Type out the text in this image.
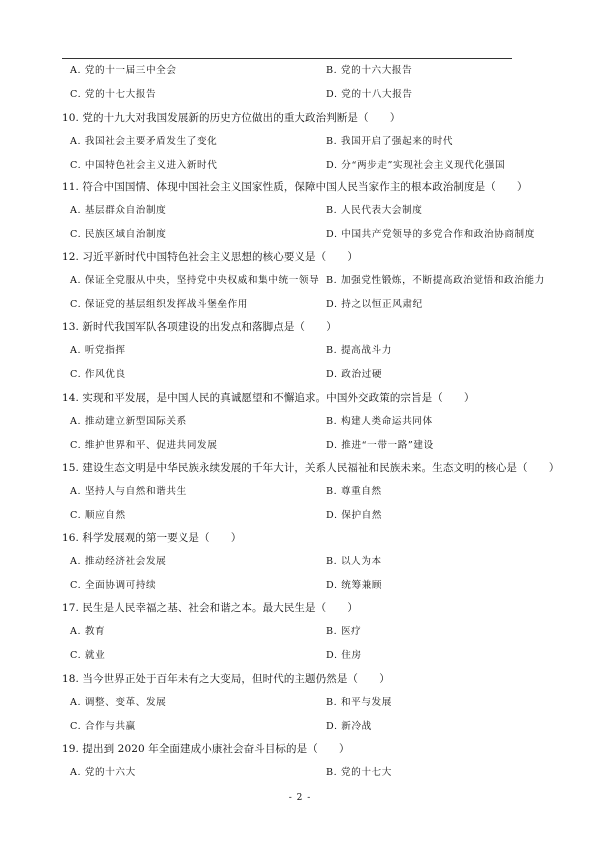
A. 党的十一届三中全会	B. 党的十六大报告
C. 党的十七大报告	D. 党的十八大报告
10. 党的十九大对我国发展新的历史方位做出的重大政治判断是（　　）
A. 我国社会主要矛盾发生了变化	B. 我国开启了强起来的时代
C. 中国特色社会主义进入新时代	D. 分“两步走”实现社会主义现代化强国
11. 符合中国国情、体现中国社会主义国家性质，保障中国人民当家作主的根本政治制度是（　　）
A. 基层群众自治制度	B. 人民代表大会制度
C. 民族区域自治制度	D. 中国共产党领导的多党合作和政治协商制度
12. 习近平新时代中国特色社会主义思想的核心要义是（　　）
A. 保证全党服从中央，坚持党中央权威和集中统一领导 B. 加强党性锻炼，不断提高政治觉悟和政治能力
C. 保证党的基层组织发挥战斗堡垒作用	D. 持之以恒正风肃纪
13. 新时代我国军队各项建设的出发点和落脚点是（　　）
A. 听党指挥	B. 提高战斗力
C. 作风优良	D. 政治过硬
14. 实现和平发展，是中国人民的真诚愿望和不懈追求。中国外交政策的宗旨是（　　）
A. 推动建立新型国际关系	B. 构建人类命运共同体
C. 维护世界和平、促进共同发展	D. 推进“一带一路”建设
15. 建设生态文明是中华民族永续发展的千年大计，关系人民福祉和民族未来。生态文明的核心是（　　）
A. 坚持人与自然和谐共生	B. 尊重自然
C. 顺应自然	D. 保护自然
16. 科学发展观的第一要义是（　　）
A. 推动经济社会发展	B. 以人为本
C. 全面协调可持续	D. 统筹兼顾
17. 民生是人民幸福之基、社会和谐之本。最大民生是（　　）
A. 教育	B. 医疗
C. 就业	D. 住房
18. 当今世界正处于百年未有之大变局，但时代的主题仍然是（　　）
A. 调整、变革、发展	B. 和平与发展
C. 合作与共赢	D. 新冷战
19. 提出到 2020 年全面建成小康社会奋斗目标的是（　　）
A. 党的十六大	B. 党的十七大
- 2 -
